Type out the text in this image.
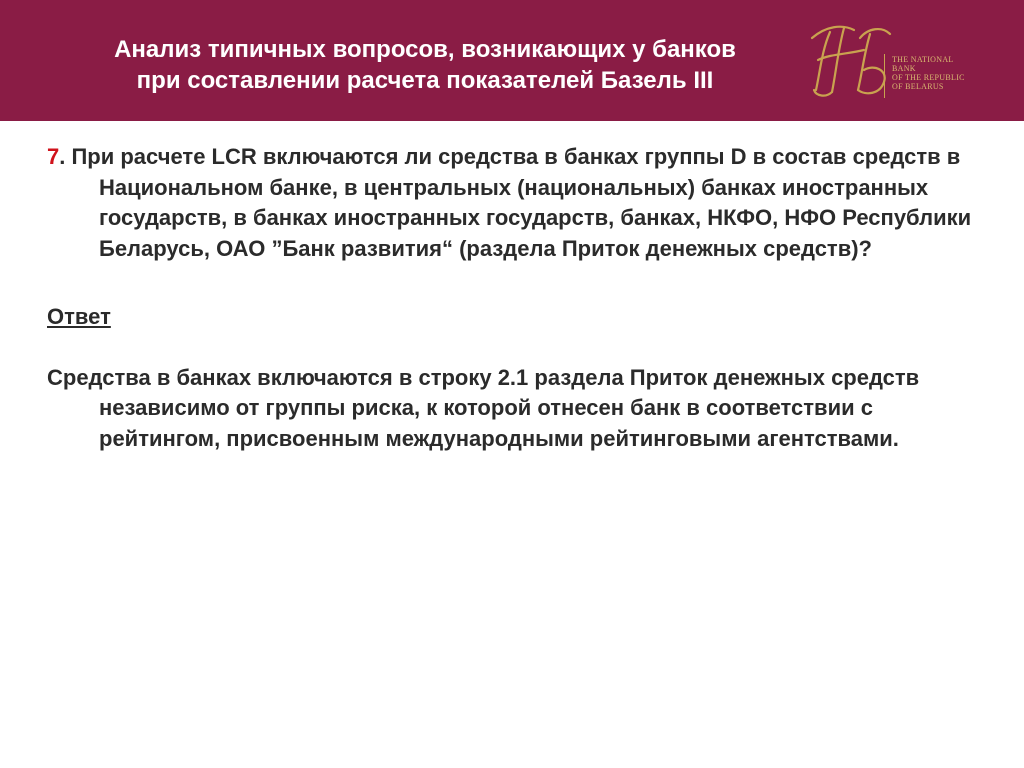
Анализ типичных вопросов, возникающих у банков
при составлении расчета показателей Базель III
THE NATIONAL
BANK
OF THE REPUBLIC
OF BELARUS

7. При расчете LCR включаются ли средства в банках группы D в состав средств в Национальном банке, в центральных (национальных) банках иностранных государств, в банках иностранных государств, банках, НКФО, НФО Республики Беларусь, ОАО ”Банк развития“ (раздела Приток денежных средств)?

Ответ

Средства в банках включаются в строку 2.1 раздела Приток денежных средств независимо от группы риска, к которой отнесен банк в соответствии с рейтингом, присвоенным международными рейтинговыми агентствами.
